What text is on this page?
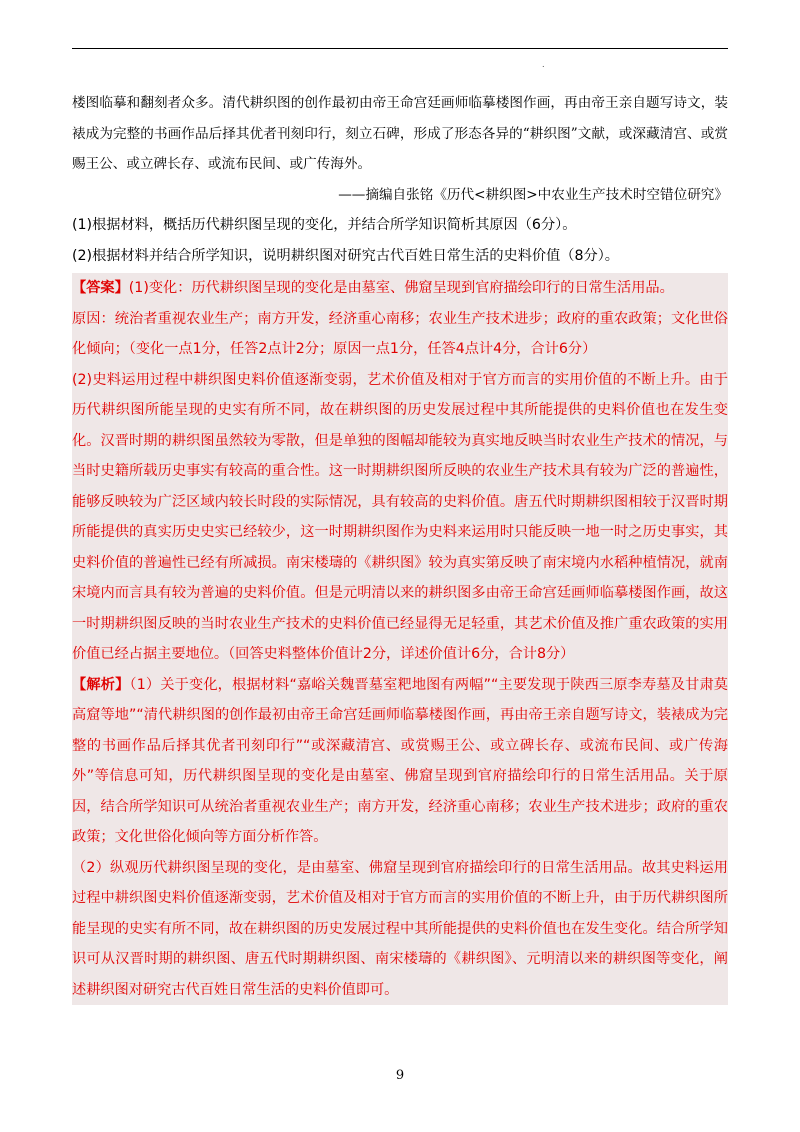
.

楼图临摹和翻刻者众多。清代耕织图的创作最初由帝王命宫廷画师临摹楼图作画，再由帝王亲自题写诗文，装裱成为完整的书画作品后择其优者刊刻印行，刻立石碑，形成了形态各异的“耕织图”文献，或深藏清宫、或赏赐王公、或立碑长存、或流布民间、或广传海外。

——摘编自张铭《历代<耕织图>中农业生产技术时空错位研究》

(1)根据材料，概括历代耕织图呈现的变化，并结合所学知识简析其原因（6分）。

(2)根据材料并结合所学知识，说明耕织图对研究古代百姓日常生活的史料价值（8分）。

【答案】(1)变化：历代耕织图呈现的变化是由墓室、佛窟呈现到官府描绘印行的日常生活用品。

原因：统治者重视农业生产；南方开发，经济重心南移；农业生产技术进步；政府的重农政策；文化世俗化倾向；（变化一点1分，任答2点计2分；原因一点1分，任答4点计4分，合计6分）

(2)史料运用过程中耕织图史料价值逐渐变弱，艺术价值及相对于官方而言的实用价值的不断上升。由于历代耕织图所能呈现的史实有所不同，故在耕织图的历史发展过程中其所能提供的史料价值也在发生变化。汉晋时期的耕织图虽然较为零散，但是单独的图幅却能较为真实地反映当时农业生产技术的情况，与当时史籍所载历史事实有较高的重合性。这一时期耕织图所反映的农业生产技术具有较为广泛的普遍性，能够反映较为广泛区域内较长时段的实际情况，具有较高的史料价值。唐五代时期耕织图相较于汉晋时期所能提供的真实历史史实已经较少，这一时期耕织图作为史料来运用时只能反映一地一时之历史事实，其史料价值的普遍性已经有所减损。南宋楼璹的《耕织图》较为真实第反映了南宋境内水稻种植情况，就南宋境内而言具有较为普遍的史料价值。但是元明清以来的耕织图多由帝王命宫廷画师临摹楼图作画，故这一时期耕织图反映的当时农业生产技术的史料价值已经显得无足轻重，其艺术价值及推广重农政策的实用价值已经占据主要地位。（回答史料整体价值计2分，详述价值计6分，合计8分）

【解析】（1）关于变化，根据材料“嘉峪关魏晋墓室粑地图有两幅”“主要发现于陕西三原李寿墓及甘肃莫高窟等地”“清代耕织图的创作最初由帝王命宫廷画师临摹楼图作画，再由帝王亲自题写诗文，装裱成为完整的书画作品后择其优者刊刻印行”“或深藏清宫、或赏赐王公、或立碑长存、或流布民间、或广传海外”等信息可知，历代耕织图呈现的变化是由墓室、佛窟呈现到官府描绘印行的日常生活用品。关于原因，结合所学知识可从统治者重视农业生产；南方开发，经济重心南移；农业生产技术进步；政府的重农政策；文化世俗化倾向等方面分析作答。

（2）纵观历代耕织图呈现的变化，是由墓室、佛窟呈现到官府描绘印行的日常生活用品。故其史料运用过程中耕织图史料价值逐渐变弱，艺术价值及相对于官方而言的实用价值的不断上升，由于历代耕织图所能呈现的史实有所不同，故在耕织图的历史发展过程中其所能提供的史料价值也在发生变化。结合所学知识可从汉晋时期的耕织图、唐五代时期耕织图、南宋楼璹的《耕织图》、元明清以来的耕织图等变化，阐述耕织图对研究古代百姓日常生活的史料价值即可。

9
